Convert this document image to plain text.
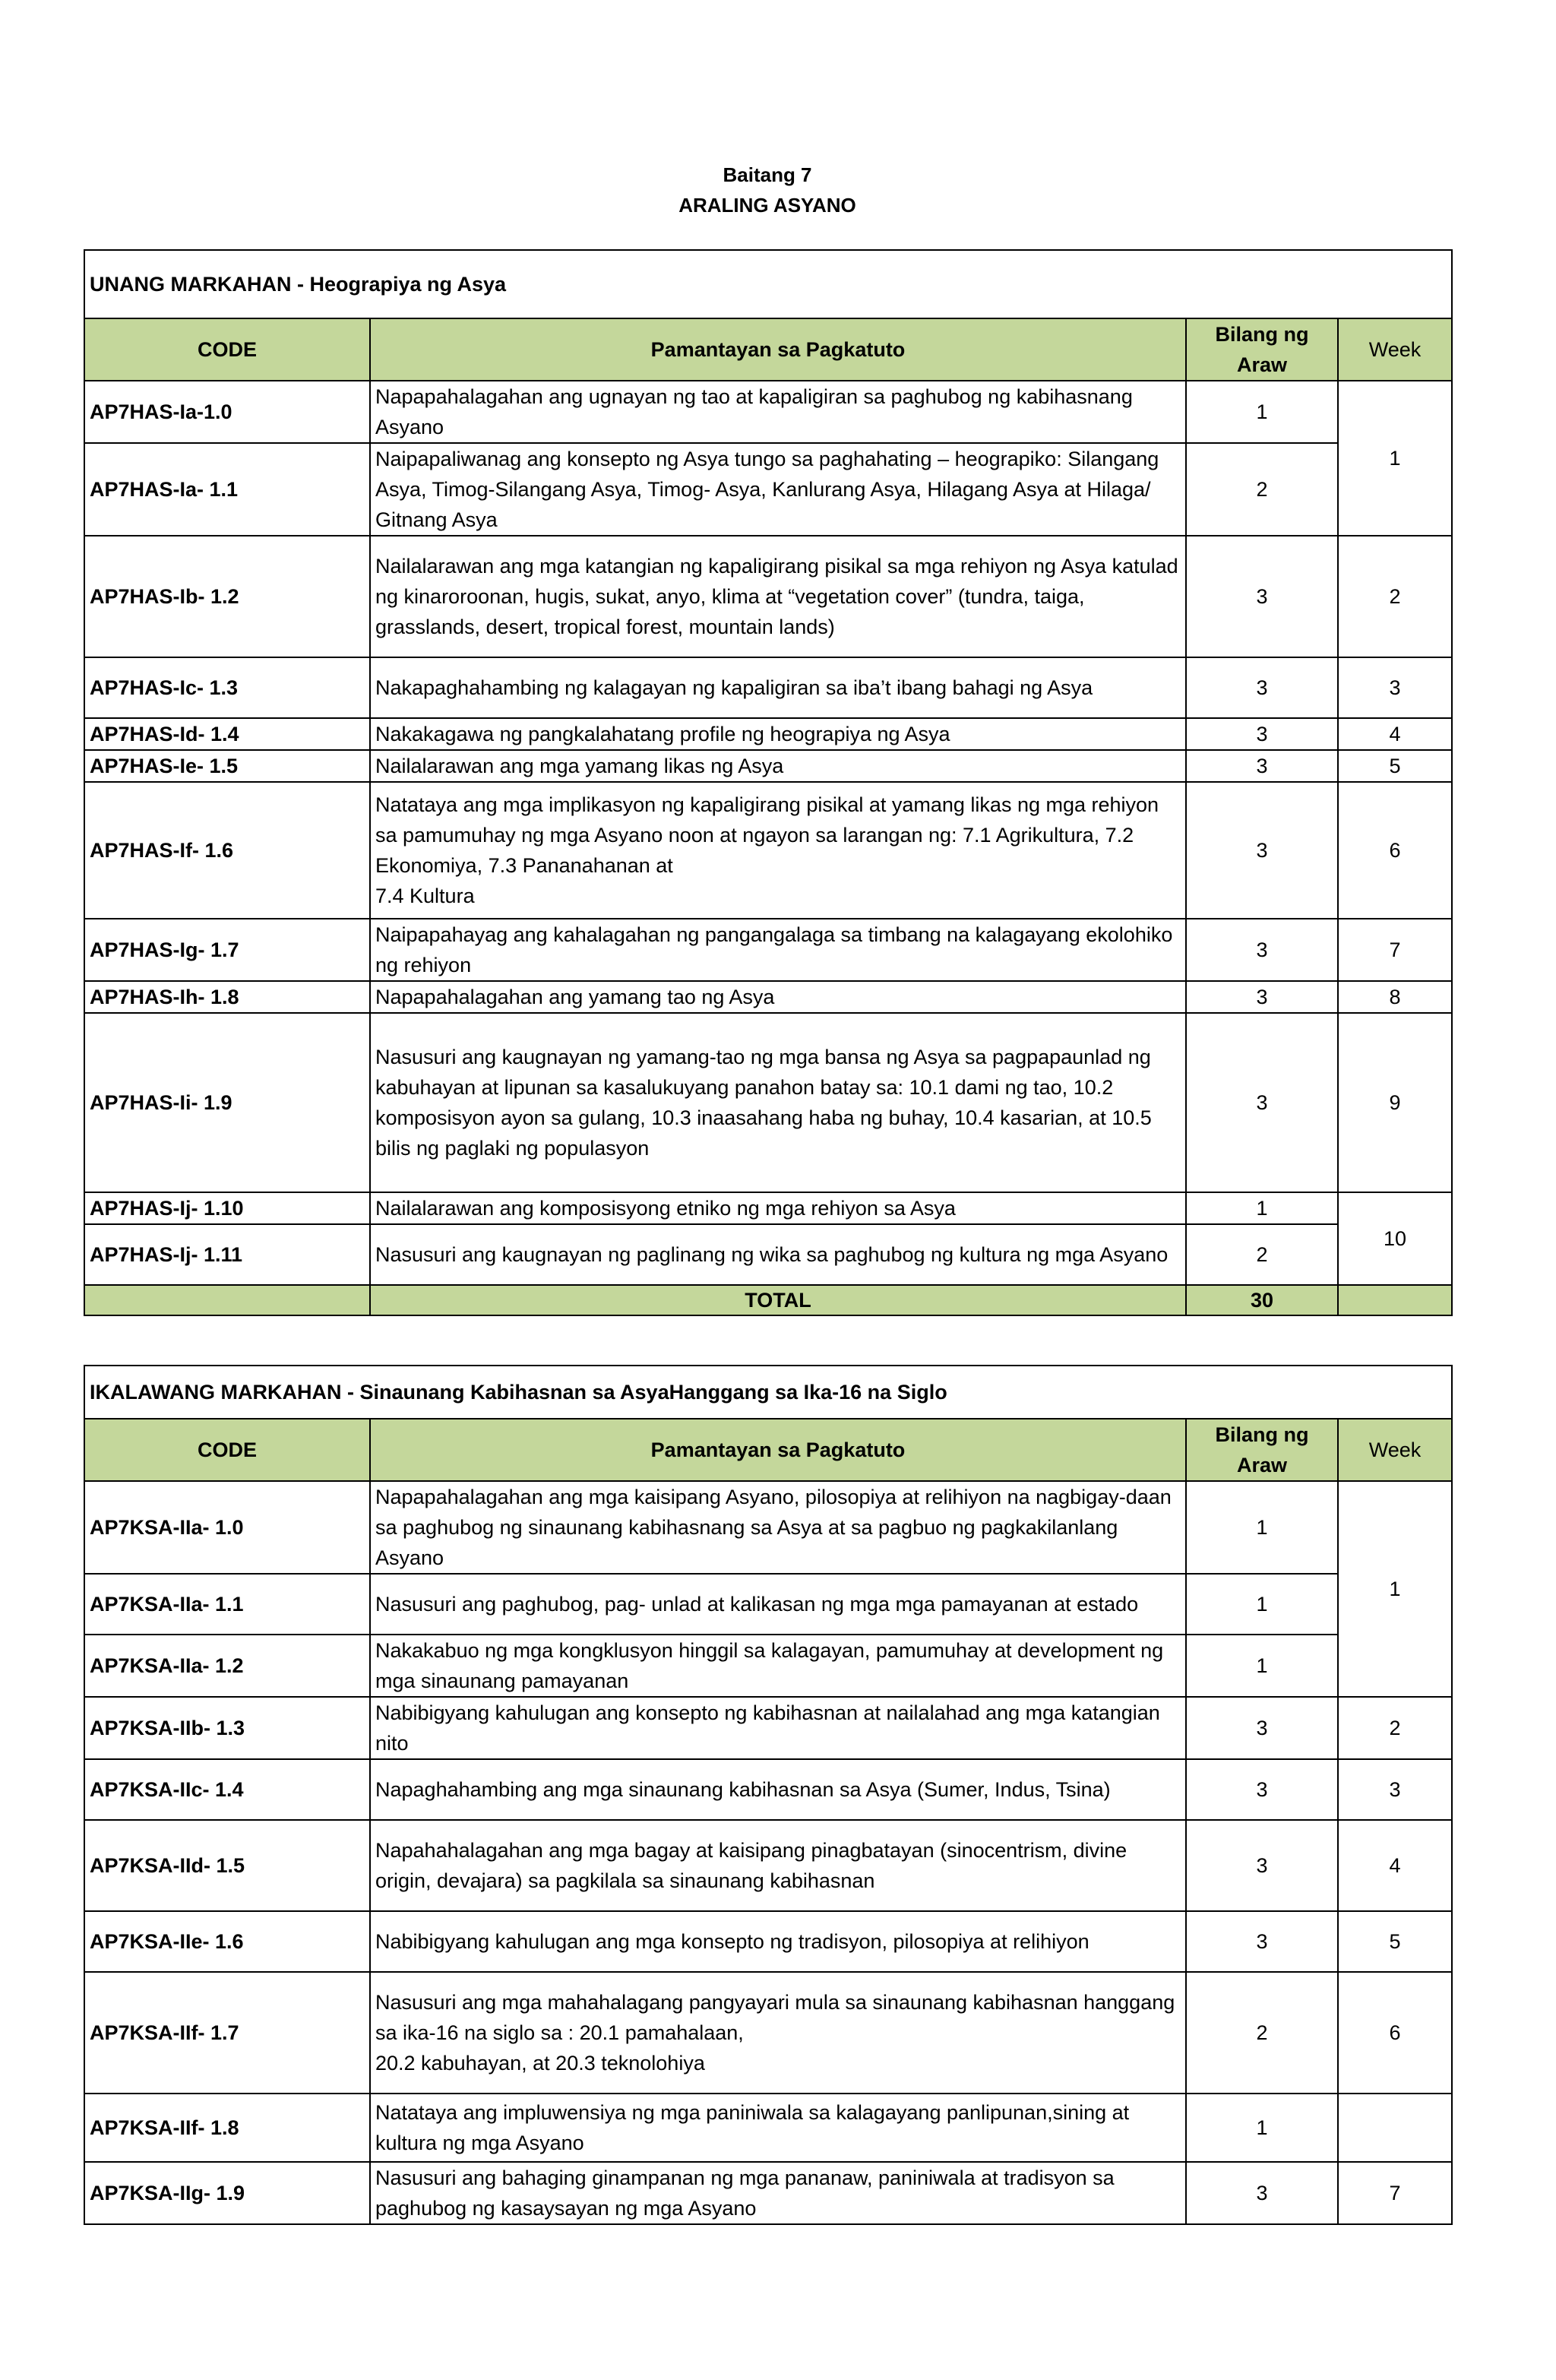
Baitang 7
ARALING ASYANO
UNANG MARKAHAN - Heograpiya ng Asya			
CODE	Pamantayan sa Pagkatuto	Bilang ng Araw	Week
AP7HAS-Ia-1.0	Napapahalagahan ang ugnayan ng tao at kapaligiran sa paghubog ng kabihasnang Asyano	1	1
AP7HAS-Ia- 1.1	Naipapaliwanag ang konsepto ng Asya tungo sa paghahating – heograpiko: Silangang Asya, Timog-Silangang Asya, Timog- Asya, Kanlurang Asya, Hilagang Asya at Hilaga/ Gitnang Asya	2	
AP7HAS-Ib- 1.2	Nailalarawan ang mga katangian ng kapaligirang pisikal sa mga rehiyon ng Asya katulad ng kinaroroonan, hugis, sukat, anyo, klima at “vegetation cover” (tundra, taiga, grasslands, desert, tropical forest, mountain lands)	3	2
AP7HAS-Ic- 1.3	Nakapaghahambing ng kalagayan ng kapaligiran sa iba’t ibang bahagi ng Asya	3	3
AP7HAS-Id- 1.4	Nakakagawa ng pangkalahatang profile ng heograpiya ng Asya	3	4
AP7HAS-Ie- 1.5	Nailalarawan ang mga yamang likas ng Asya	3	5
AP7HAS-If- 1.6	Natataya ang mga implikasyon ng kapaligirang pisikal at yamang likas ng mga rehiyon sa pamumuhay ng mga Asyano noon at ngayon sa larangan ng: 7.1 Agrikultura, 7.2 Ekonomiya, 7.3 Pananahanan at
7.4 Kultura	3	6
AP7HAS-Ig- 1.7	Naipapahayag ang kahalagahan ng pangangalaga sa timbang na kalagayang ekolohiko ng rehiyon	3	7
AP7HAS-Ih- 1.8	Napapahalagahan ang yamang tao ng Asya	3	8
AP7HAS-Ii- 1.9	Nasusuri ang kaugnayan ng yamang-tao ng mga bansa ng Asya sa pagpapaunlad ng kabuhayan at lipunan sa kasalukuyang panahon batay sa: 10.1 dami ng tao, 10.2 komposisyon ayon sa gulang, 10.3 inaasahang haba ng buhay, 10.4 kasarian, at 10.5 bilis ng paglaki ng populasyon	3	9
AP7HAS-Ij- 1.10	Nailalarawan ang komposisyong etniko ng mga rehiyon sa Asya	1	10
AP7HAS-Ij- 1.11	Nasusuri ang kaugnayan ng paglinang ng wika sa paghubog ng kultura ng mga Asyano	2	
	TOTAL	30	
IKALAWANG MARKAHAN - Sinaunang Kabihasnan sa AsyaHanggang sa Ika-16 na Siglo			
CODE	Pamantayan sa Pagkatuto	Bilang ng Araw	Week
AP7KSA-IIa- 1.0	Napapahalagahan ang mga kaisipang Asyano, pilosopiya at relihiyon na nagbigay-daan sa paghubog ng sinaunang kabihasnang sa Asya at sa pagbuo ng pagkakilanlang Asyano	1	1
AP7KSA-IIa- 1.1	Nasusuri ang paghubog, pag- unlad at kalikasan ng mga mga pamayanan at estado	1	
AP7KSA-IIa- 1.2	Nakakabuo ng mga kongklusyon hinggil sa kalagayan, pamumuhay at development ng mga sinaunang pamayanan	1	
AP7KSA-IIb- 1.3	Nabibigyang kahulugan ang konsepto ng kabihasnan at nailalahad ang mga katangian nito	3	2
AP7KSA-IIc- 1.4	Napaghahambing ang mga sinaunang kabihasnan sa Asya (Sumer, Indus, Tsina)	3	3
AP7KSA-IId- 1.5	Napahahalagahan ang mga bagay at kaisipang pinagbatayan (sinocentrism, divine origin, devajara) sa pagkilala sa sinaunang kabihasnan	3	4
AP7KSA-IIe- 1.6	Nabibigyang kahulugan ang mga konsepto ng tradisyon, pilosopiya at relihiyon	3	5
AP7KSA-IIf- 1.7	Nasusuri ang mga mahahalagang pangyayari mula sa sinaunang kabihasnan hanggang sa ika-16 na siglo sa : 20.1 pamahalaan,
20.2 kabuhayan, at 20.3 teknolohiya	2	6
AP7KSA-IIf- 1.8	Natataya ang impluwensiya ng mga paniniwala sa kalagayang panlipunan,sining at kultura ng mga Asyano	1	
AP7KSA-IIg- 1.9	Nasusuri ang bahaging ginampanan ng mga pananaw, paniniwala at tradisyon sa paghubog ng kasaysayan ng mga Asyano	3	7
